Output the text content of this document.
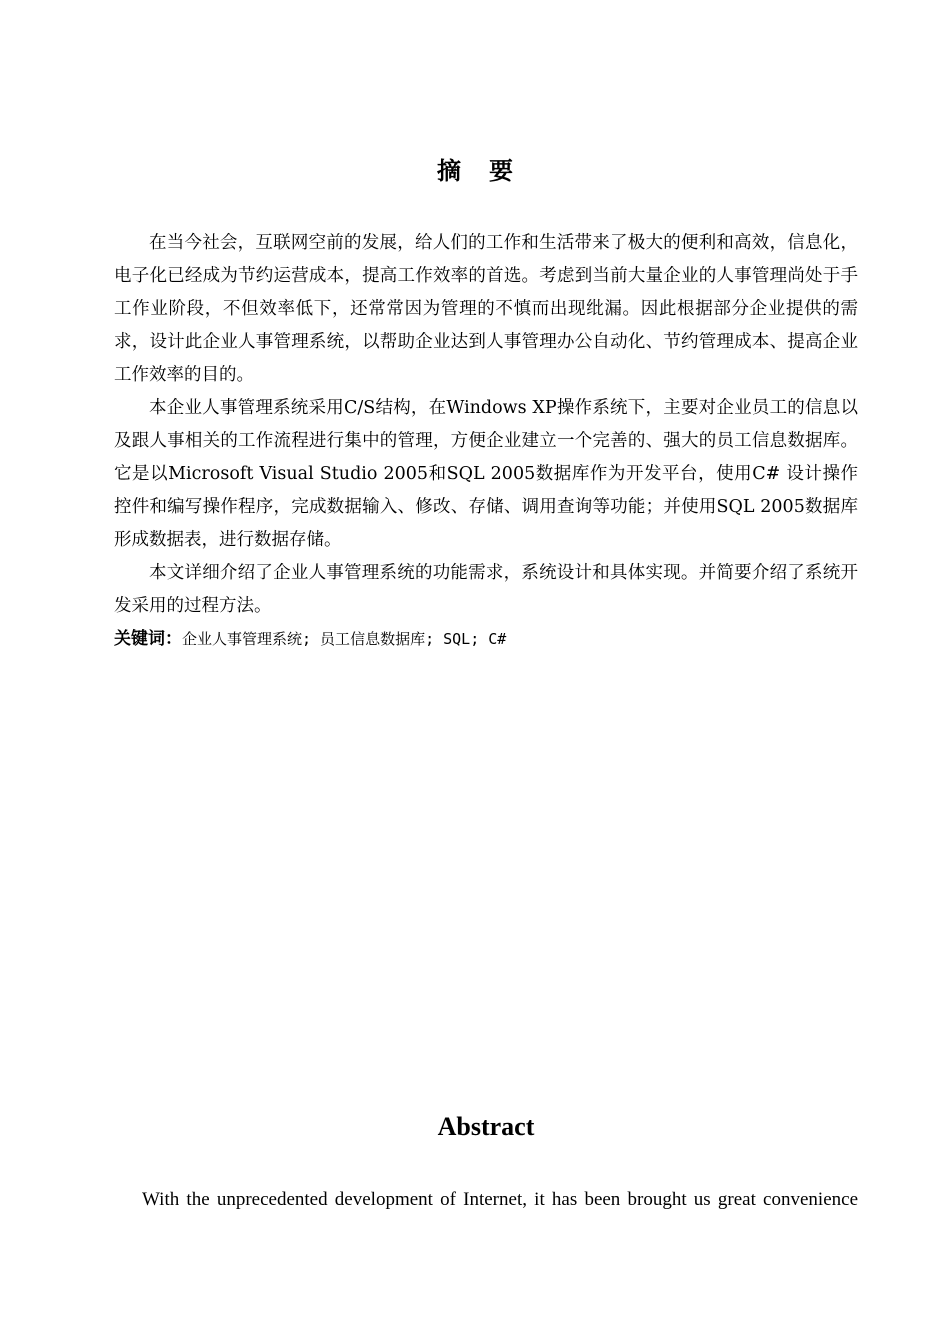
摘要

在当今社会，互联网空前的发展，给人们的工作和生活带来了极大的便利和高效，信息化，电子化已经成为节约运营成本，提高工作效率的首选。考虑到当前大量企业的人事管理尚处于手工作业阶段，不但效率低下，还常常因为管理的不慎而出现纰漏。因此根据部分企业提供的需求，设计此企业人事管理系统，以帮助企业达到人事管理办公自动化、节约管理成本、提高企业工作效率的目的。

本企业人事管理系统采用C/S结构，在Windows XP操作系统下，主要对企业员工的信息以及跟人事相关的工作流程进行集中的管理，方便企业建立一个完善的、强大的员工信息数据库。它是以Microsoft Visual Studio 2005和SQL 2005数据库作为开发平台，使用C# 设计操作控件和编写操作程序，完成数据输入、修改、存储、调用查询等功能；并使用SQL 2005数据库形成数据表，进行数据存储。

本文详细介绍了企业人事管理系统的功能需求，系统设计和具体实现。并简要介绍了系统开发采用的过程方法。

关键词：企业人事管理系统; 员工信息数据库; SQL; C#
Abstract

With the unprecedented development of Internet, it has been brought us great convenience
